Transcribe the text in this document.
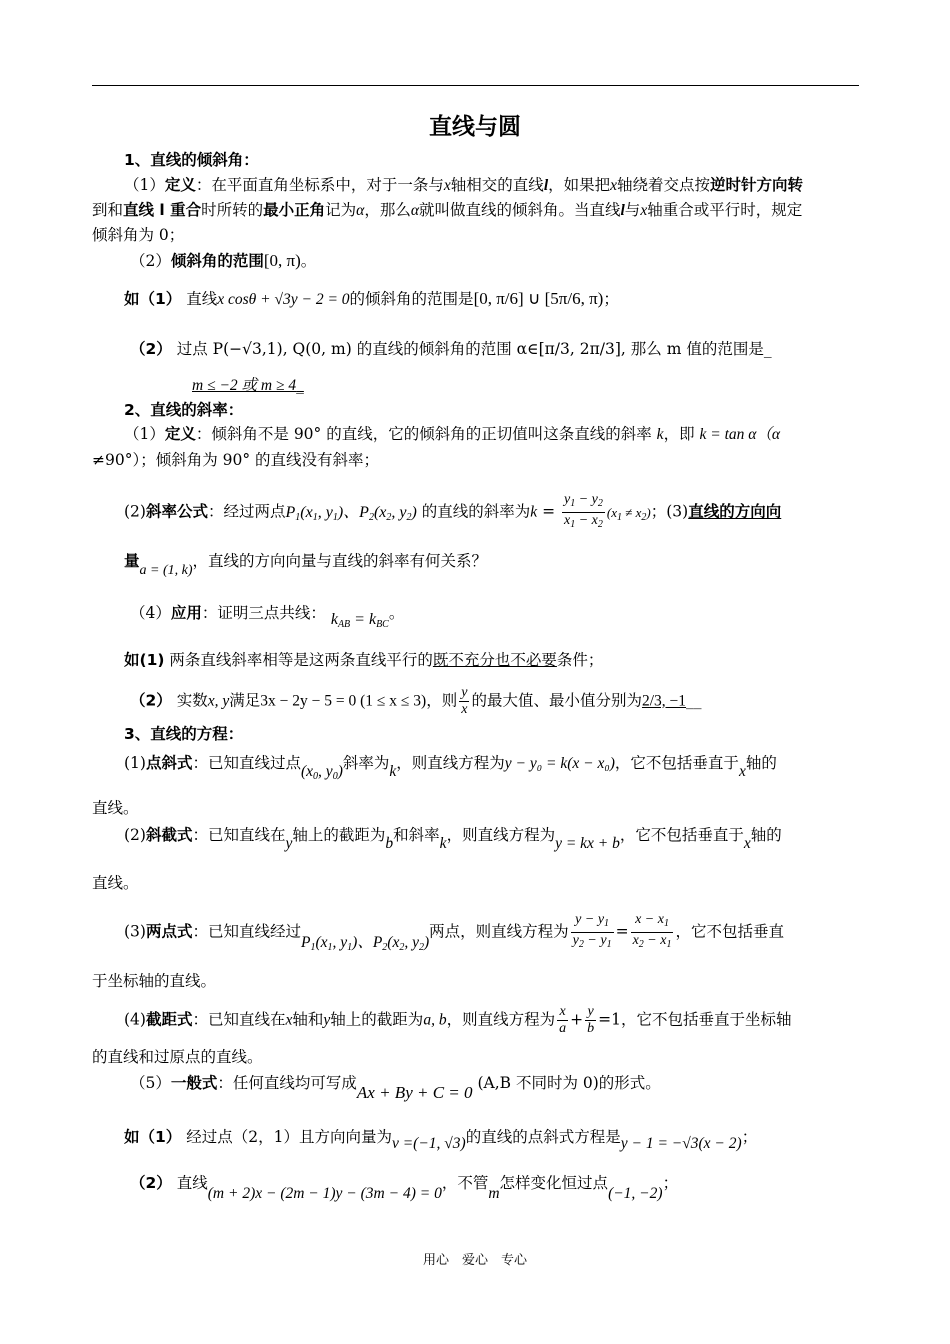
直线与圆
1、直线的倾斜角：
（1）定义：在平面直角坐标系中，对于一条与x轴相交的直线l，如果把x轴绕着交点按逆时针方向转
到和直线 l 重合时所转的最小正角记为α，那么α就叫做直线的倾斜角。当直线l与x轴重合或平行时，规定
倾斜角为 0；
（2）倾斜角的范围[0, π)。
如（1） 直线x cosθ + √3y − 2 = 0的倾斜角的范围是[0, π/6] ∪ [5π/6, π)；
（2） 过点 P(−√3,1), Q(0, m) 的直线的倾斜角的范围 α∈[π/3, 2π/3], 那么 m 值的范围是_
m ≤ −2 或 m ≥ 4_
2、直线的斜率：
（1）定义：倾斜角不是 90° 的直线，它的倾斜角的正切值叫这条直线的斜率 k，即 k = tan α（α
≠90°）；倾斜角为 90° 的直线没有斜率；
(2)斜率公式：经过两点$P_1(x_1$, $y_1$)、$P_2(x_2$, $y_2$) 的直线的斜率为$k = \frac{y_1 - y_2}{x_1 - x_2} (x_1 \ne x_2)$；(3)直线的方向向
量a = (1, k)，直线的方向向量与直线的斜率有何关系？
（4）应用：证明三点共线： $k_{AB} = k_{BC}$。
如(1) 两条直线斜率相等是这两条直线平行的既不充分也不必要条件；
（2） 实数x, y满足3x − 2y − 5 = 0 (1 ≤ x ≤ 3)，则 $\frac{y}{x}$ 的最大值、最小值分别为2/3, −1__
3、直线的方程：
(1)点斜式：已知直线过点($x_0$, $y_0$)斜率为k，则直线方程为y − y₀ = k(x − x₀)，它不包括垂直于x轴的
直线。
(2)斜截式：已知直线在y轴上的截距为b和斜率k，则直线方程为y = kx + b，它不包括垂直于x轴的
直线。
(3)两点式：已知直线经过$P_1(x_1$, $y_1$)、$P_2(x_2$, $y_2$)两点，则直线方程为 $\frac{y - y_1}{y_2 - y_1} = \frac{x - x_1}{x_2 - x_1}$ ，它不包括垂直
于坐标轴的直线。
(4)截距式：已知直线在x轴和y轴上的截距为a, b，则直线方程为 $\frac{x}{a} + \frac{y}{b} =1$，它不包括垂直于坐标轴
的直线和过原点的直线。
（5）一般式：任何直线均可写成Ax + By + C = 0 (A,B 不同时为 0)的形式。
如（1） 经过点（2，1）且方向向量为v =(−1, √3)的直线的点斜式方程是y − 1 = −√3(x − 2)；
（2） 直线(m + 2)x − (2m − 1)y − (3m − 4) = 0，不管m怎样变化恒过点(−1, −2)；
用心　爱心　专心
